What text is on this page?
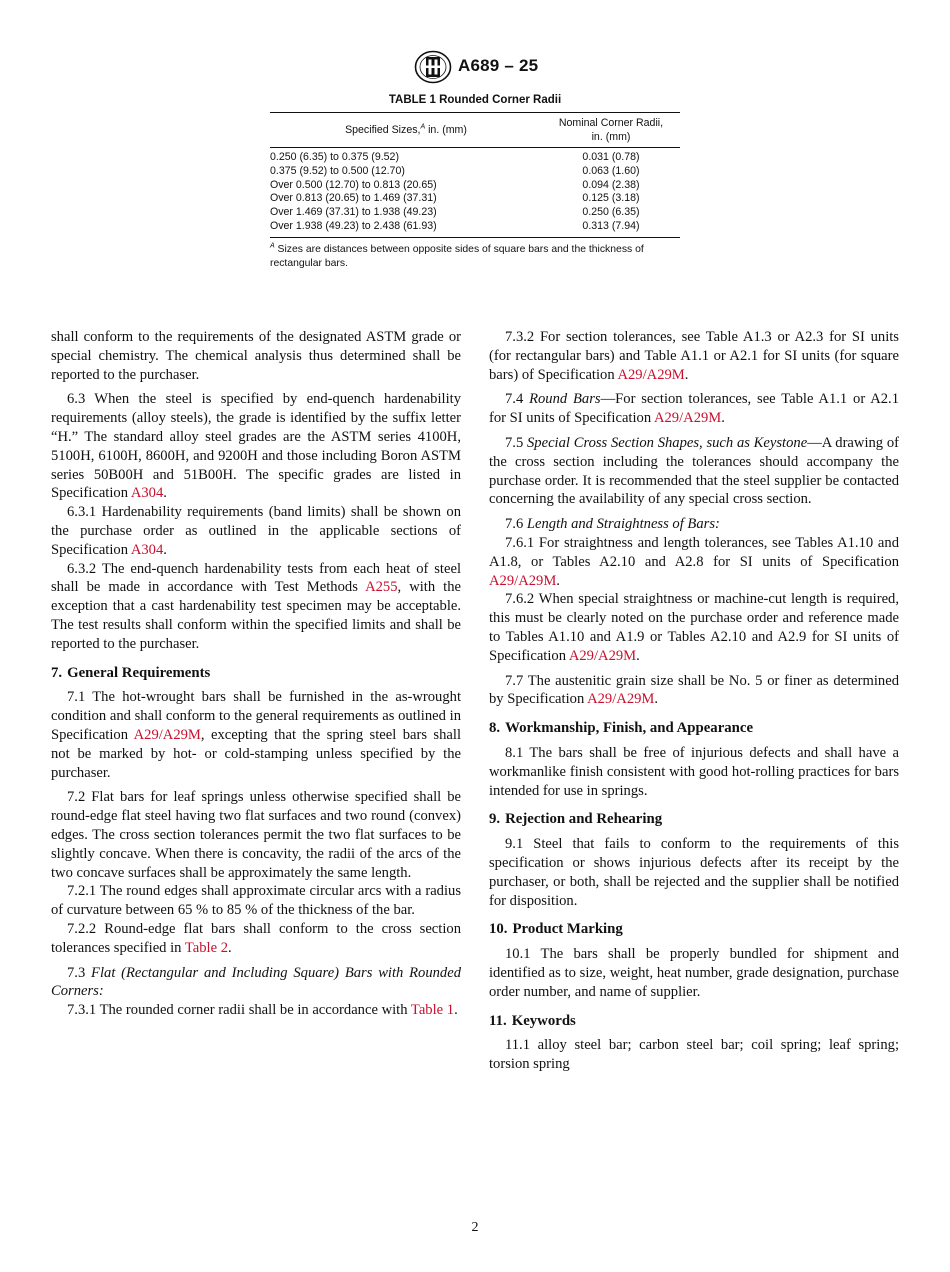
A689 – 25
TABLE 1 Rounded Corner Radii
Specified Sizes,$^A$ in. (mm)	Nominal Corner Radii,
in. (mm)
0.250 (6.35) to 0.375 (9.52)	0.031 (0.78)
0.375 (9.52) to 0.500 (12.70)	0.063 (1.60)
Over 0.500 (12.70) to 0.813 (20.65)	0.094 (2.38)
Over 0.813 (20.65) to 1.469 (37.31)	0.125 (3.18)
Over 1.469 (37.31) to 1.938 (49.23)	0.250 (6.35)
Over 1.938 (49.23) to 2.438 (61.93)	0.313 (7.94)
$^A$ Sizes are distances between opposite sides of square bars and the thickness of rectangular bars.

shall conform to the requirements of the designated ASTM grade or special chemistry. The chemical analysis thus determined shall be reported to the purchaser.

6.3 When the steel is specified by end-quench hardenability requirements (alloy steels), the grade is identified by the suffix letter “H.” The standard alloy steel grades are the ASTM series 4100H, 5100H, 6100H, 8600H, and 9200H and those including Boron ASTM series 50B00H and 51B00H. The specific grades are listed in Specification A304.

6.3.1 Hardenability requirements (band limits) shall be shown on the purchase order as outlined in the applicable sections of Specification A304.

6.3.2 The end-quench hardenability tests from each heat of steel shall be made in accordance with Test Methods A255, with the exception that a cast hardenability test specimen may be acceptable. The test results shall conform within the specified limits and shall be reported to the purchaser.

7. General Requirements

7.1 The hot-wrought bars shall be furnished in the as-wrought condition and shall conform to the general requirements as outlined in Specification A29/A29M, excepting that the spring steel bars shall not be marked by hot- or cold-stamping unless specified by the purchaser.

7.2 Flat bars for leaf springs unless otherwise specified shall be round-edge flat steel having two flat surfaces and two round (convex) edges. The cross section tolerances permit the two flat surfaces to be slightly concave. When there is concavity, the radii of the arcs of the two concave surfaces shall be approximately the same length.

7.2.1 The round edges shall approximate circular arcs with a radius of curvature between 65 % to 85 % of the thickness of the bar.

7.2.2 Round-edge flat bars shall conform to the cross section tolerances specified in Table 2.

7.3 Flat (Rectangular and Including Square) Bars with Rounded Corners:

7.3.1 The rounded corner radii shall be in accordance with Table 1.

7.3.2 For section tolerances, see Table A1.3 or A2.3 for SI units (for rectangular bars) and Table A1.1 or A2.1 for SI units (for square bars) of Specification A29/A29M.

7.4 Round Bars—For section tolerances, see Table A1.1 or A2.1 for SI units of Specification A29/A29M.

7.5 Special Cross Section Shapes, such as Keystone—A drawing of the cross section including the tolerances should accompany the purchase order. It is recommended that the steel supplier be contacted concerning the availability of any special cross section.

7.6 Length and Straightness of Bars:

7.6.1 For straightness and length tolerances, see Tables A1.10 and A1.8, or Tables A2.10 and A2.8 for SI units of Specification A29/A29M.

7.6.2 When special straightness or machine-cut length is required, this must be clearly noted on the purchase order and reference made to Tables A1.10 and A1.9 or Tables A2.10 and A2.9 for SI units of Specification A29/A29M.

7.7 The austenitic grain size shall be No. 5 or finer as determined by Specification A29/A29M.

8. Workmanship, Finish, and Appearance

8.1 The bars shall be free of injurious defects and shall have a workmanlike finish consistent with good hot-rolling practices for bars intended for use in springs.

9. Rejection and Rehearing

9.1 Steel that fails to conform to the requirements of this specification or shows injurious defects after its receipt by the purchaser, or both, shall be rejected and the supplier shall be notified for disposition.

10. Product Marking

10.1 The bars shall be properly bundled for shipment and identified as to size, weight, heat number, grade designation, purchase order number, and name of supplier.

11. Keywords

11.1 alloy steel bar; carbon steel bar; coil spring; leaf spring; torsion spring

2
